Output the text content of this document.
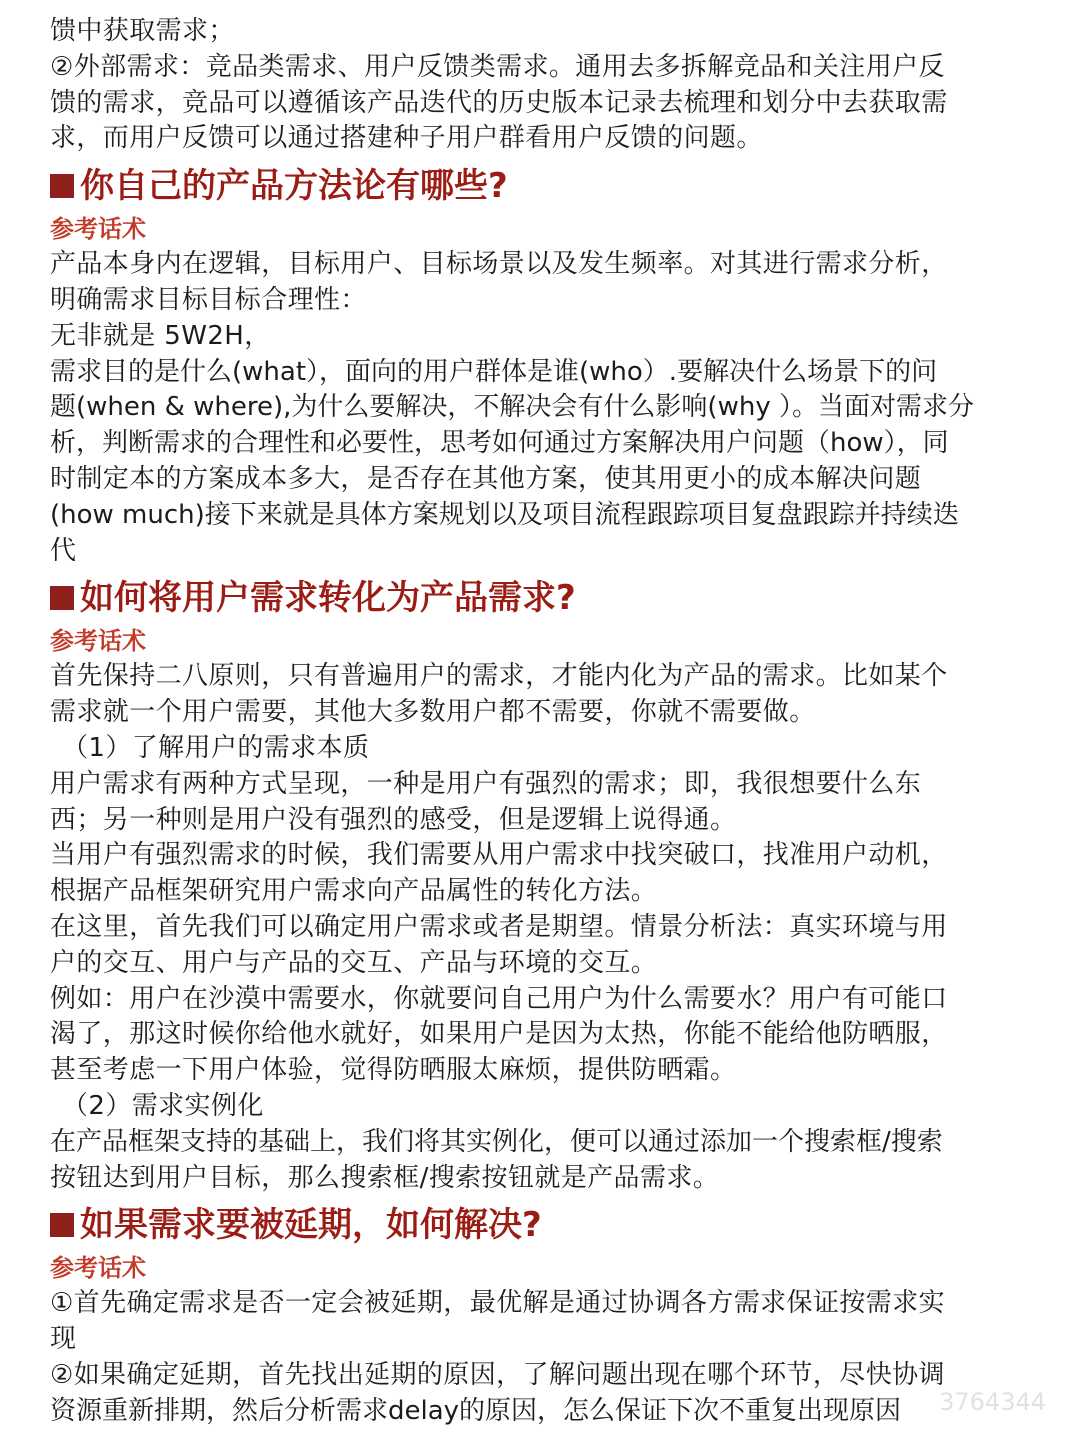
馈中获取需求；
②外部需求：竞品类需求、用户反馈类需求。通用去多拆解竞品和关注用户反
馈的需求，竞品可以遵循该产品迭代的历史版本记录去梳理和划分中去获取需
求，而用户反馈可以通过搭建种子用户群看用户反馈的问题。
你自己的产品方法论有哪些?
参考话术
产品本身内在逻辑，目标用户、目标场景以及发生频率。对其进行需求分析，
明确需求目标目标合理性：
无非就是 5W2H，
需求目的是什么(what），面向的用户群体是谁(who）.要解决什么场景下的问
题(when & where),为什么要解决，不解决会有什么影响(why ）。当面对需求分
析，判断需求的合理性和必要性，思考如何通过方案解决用户问题（how），同
时制定本的方案成本多大，是否存在其他方案，使其用更小的成本解决问题
(how much)接下来就是具体方案规划以及项目流程跟踪项目复盘跟踪并持续迭
代
如何将用户需求转化为产品需求?
参考话术
首先保持二八原则，只有普遍用户的需求，才能内化为产品的需求。比如某个
需求就一个用户需要，其他大多数用户都不需要，你就不需要做。
（1）了解用户的需求本质
用户需求有两种方式呈现，一种是用户有强烈的需求；即，我很想要什么东
西；另一种则是用户没有强烈的感受，但是逻辑上说得通。
当用户有强烈需求的时候，我们需要从用户需求中找突破口，找准用户动机，
根据产品框架研究用户需求向产品属性的转化方法。
在这里，首先我们可以确定用户需求或者是期望。情景分析法：真实环境与用
户的交互、用户与产品的交互、产品与环境的交互。
例如：用户在沙漠中需要水，你就要问自己用户为什么需要水？用户有可能口
渴了，那这时候你给他水就好，如果用户是因为太热，你能不能给他防晒服，
甚至考虑一下用户体验，觉得防晒服太麻烦，提供防晒霜。
（2）需求实例化
在产品框架支持的基础上，我们将其实例化，便可以通过添加一个搜索框/搜索
按钮达到用户目标，那么搜索框/搜索按钮就是产品需求。
如果需求要被延期，如何解决?
参考话术
①首先确定需求是否一定会被延期，最优解是通过协调各方需求保证按需求实
现
②如果确定延期，首先找出延期的原因，了解问题出现在哪个环节，尽快协调
资源重新排期，然后分析需求delay的原因，怎么保证下次不重复出现原因	3764344
